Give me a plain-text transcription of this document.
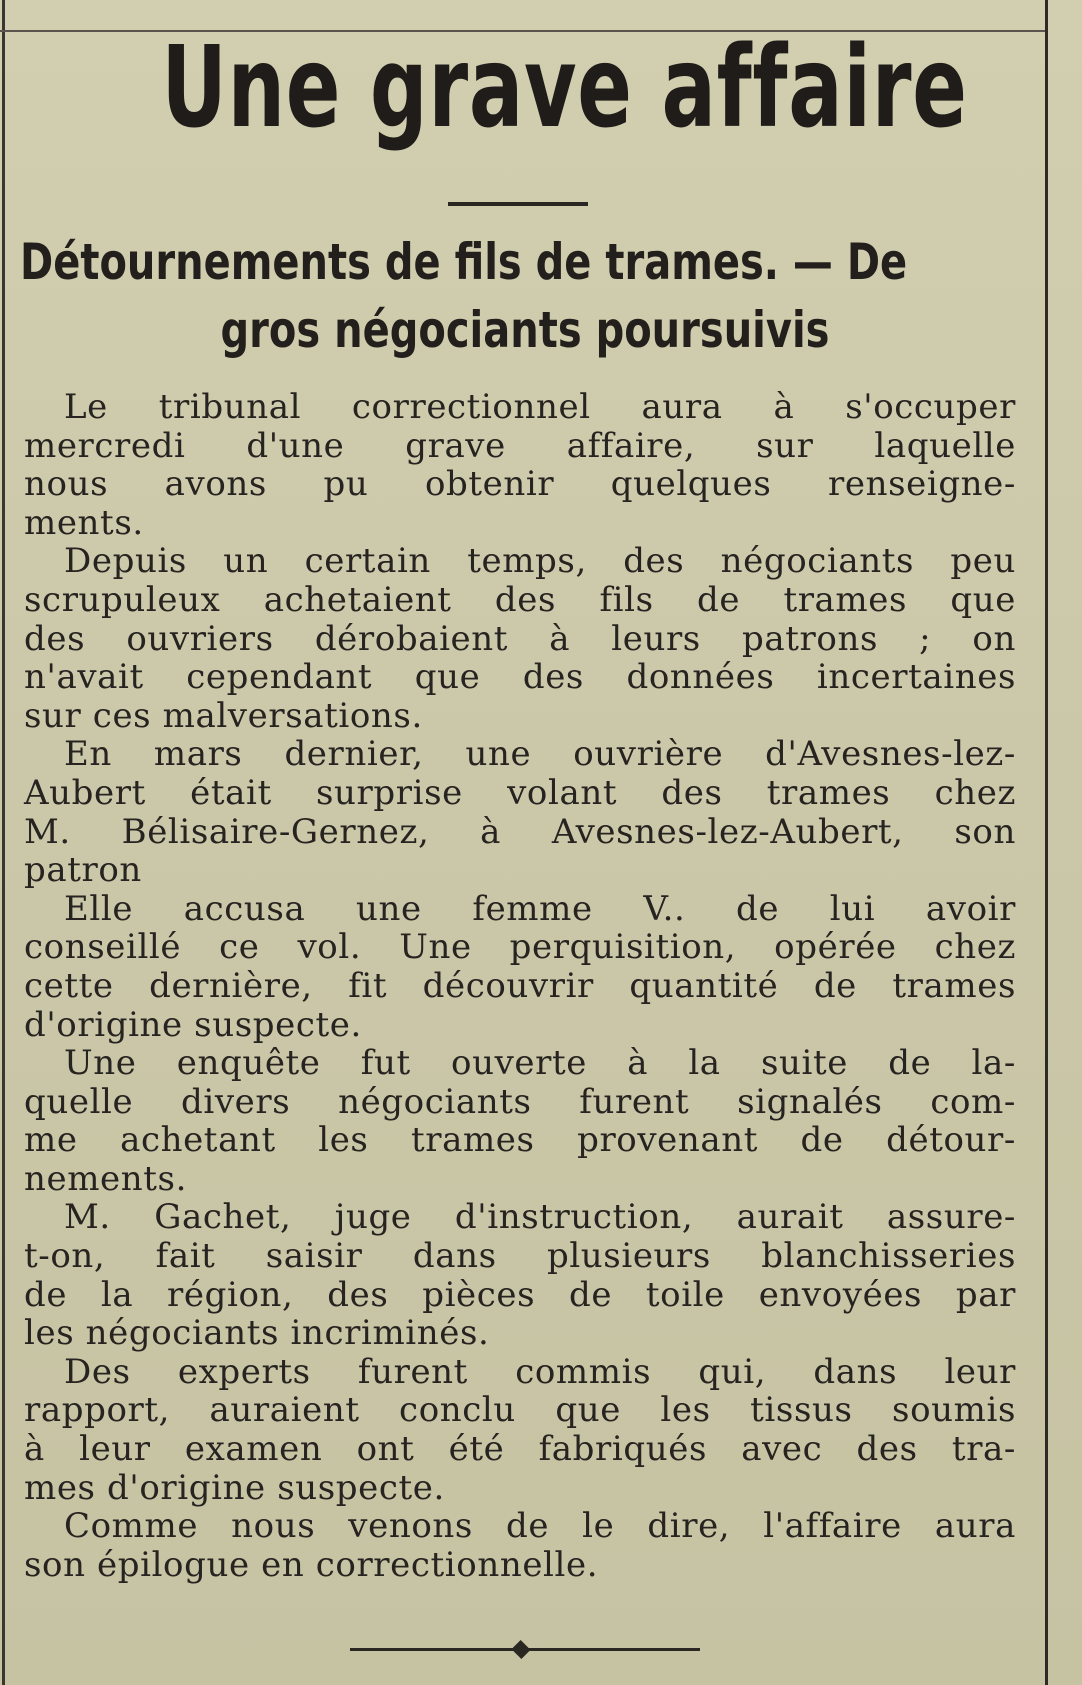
Une grave affaire
Détournements de fils de trames. — De
gros négociants poursuivis
Le tribunal correctionnel aura à s'occuper
mercredi d'une grave affaire, sur laquelle
nous avons pu obtenir quelques renseigne-
ments.
Depuis un certain temps, des négociants peu
scrupuleux achetaient des fils de trames que
des ouvriers dérobaient à leurs patrons ; on
n'avait cependant que des données incertaines
sur ces malversations.
En mars dernier, une ouvrière d'Avesnes-lez-
Aubert était surprise volant des trames chez
M. Bélisaire-Gernez, à Avesnes-lez-Aubert, son
patron
Elle accusa une femme V.. de lui avoir
conseillé ce vol. Une perquisition, opérée chez
cette dernière, fit découvrir quantité de trames
d'origine suspecte.
Une enquête fut ouverte à la suite de la-
quelle divers négociants furent signalés com-
me achetant les trames provenant de détour-
nements.
M. Gachet, juge d'instruction, aurait assure-
t-on, fait saisir dans plusieurs blanchisseries
de la région, des pièces de toile envoyées par
les négociants incriminés.
Des experts furent commis qui, dans leur
rapport, auraient conclu que les tissus soumis
à leur examen ont été fabriqués avec des tra-
mes d'origine suspecte.
Comme nous venons de le dire, l'affaire aura
son épilogue en correctionnelle.
